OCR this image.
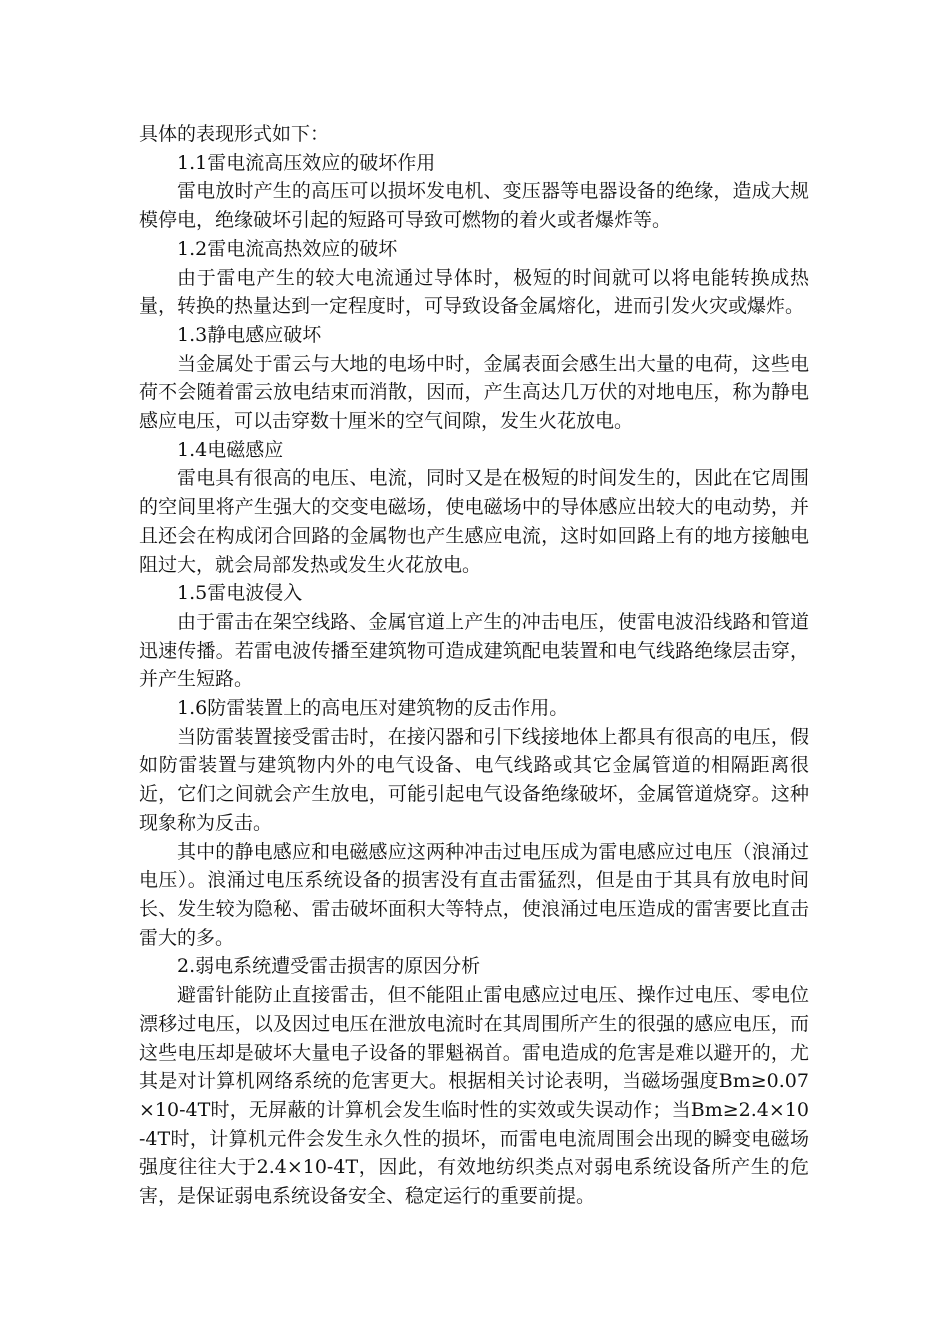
具体的表现形式如下：

1.1雷电流高压效应的破坏作用

雷电放时产生的高压可以损坏发电机、变压器等电器设备的绝缘，造成大规模停电，绝缘破坏引起的短路可导致可燃物的着火或者爆炸等。

1.2雷电流高热效应的破坏

由于雷电产生的较大电流通过导体时，极短的时间就可以将电能转换成热量，转换的热量达到一定程度时，可导致设备金属熔化，进而引发火灾或爆炸。

1.3静电感应破坏

当金属处于雷云与大地的电场中时，金属表面会感生出大量的电荷，这些电荷不会随着雷云放电结束而消散，因而，产生高达几万伏的对地电压，称为静电感应电压，可以击穿数十厘米的空气间隙，发生火花放电。

1.4电磁感应

雷电具有很高的电压、电流，同时又是在极短的时间发生的，因此在它周围的空间里将产生强大的交变电磁场，使电磁场中的导体感应出较大的电动势，并且还会在构成闭合回路的金属物也产生感应电流，这时如回路上有的地方接触电阻过大，就会局部发热或发生火花放电。

1.5雷电波侵入

由于雷击在架空线路、金属官道上产生的冲击电压，使雷电波沿线路和管道迅速传播。若雷电波传播至建筑物可造成建筑配电装置和电气线路绝缘层击穿，并产生短路。

1.6防雷装置上的高电压对建筑物的反击作用。

当防雷装置接受雷击时，在接闪器和引下线接地体上都具有很高的电压，假如防雷装置与建筑物内外的电气设备、电气线路或其它金属管道的相隔距离很近，它们之间就会产生放电，可能引起电气设备绝缘破坏，金属管道烧穿。这种现象称为反击。

其中的静电感应和电磁感应这两种冲击过电压成为雷电感应过电压（浪涌过电压）。浪涌过电压系统设备的损害没有直击雷猛烈，但是由于其具有放电时间长、发生较为隐秘、雷击破坏面积大等特点，使浪涌过电压造成的雷害要比直击雷大的多。

2.弱电系统遭受雷击损害的原因分析

避雷针能防止直接雷击，但不能阻止雷电感应过电压、操作过电压、零电位漂移过电压，以及因过电压在泄放电流时在其周围所产生的很强的感应电压，而这些电压却是破坏大量电子设备的罪魁祸首。雷电造成的危害是难以避开的，尤其是对计算机网络系统的危害更大。根据相关讨论表明，当磁场强度Bm≥0.07×10-4T时，无屏蔽的计算机会发生临时性的实效或失误动作；当Bm≥2.4×10-4T时，计算机元件会发生永久性的损坏，而雷电电流周围会出现的瞬变电磁场强度往往大于2.4×10-4T，因此，有效地纺织类点对弱电系统设备所产生的危害，是保证弱电系统设备安全、稳定运行的重要前提。
